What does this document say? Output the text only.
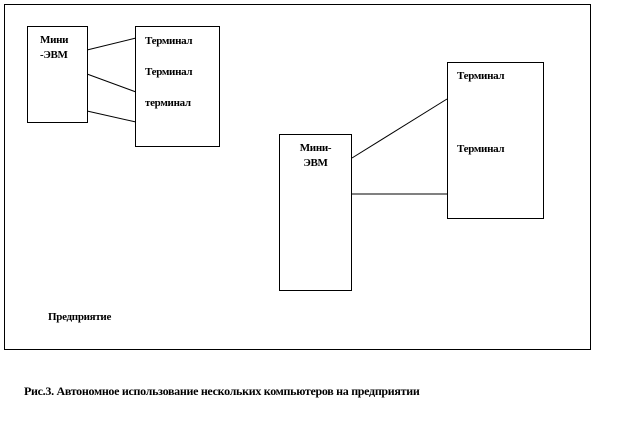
Мини
-ЭВМ
Терминал
Терминал
терминал
Мини-
ЭВМ
Терминал
Терминал
Предприятие
Рис.3. Автономное использование нескольких компьютеров на предприятии
